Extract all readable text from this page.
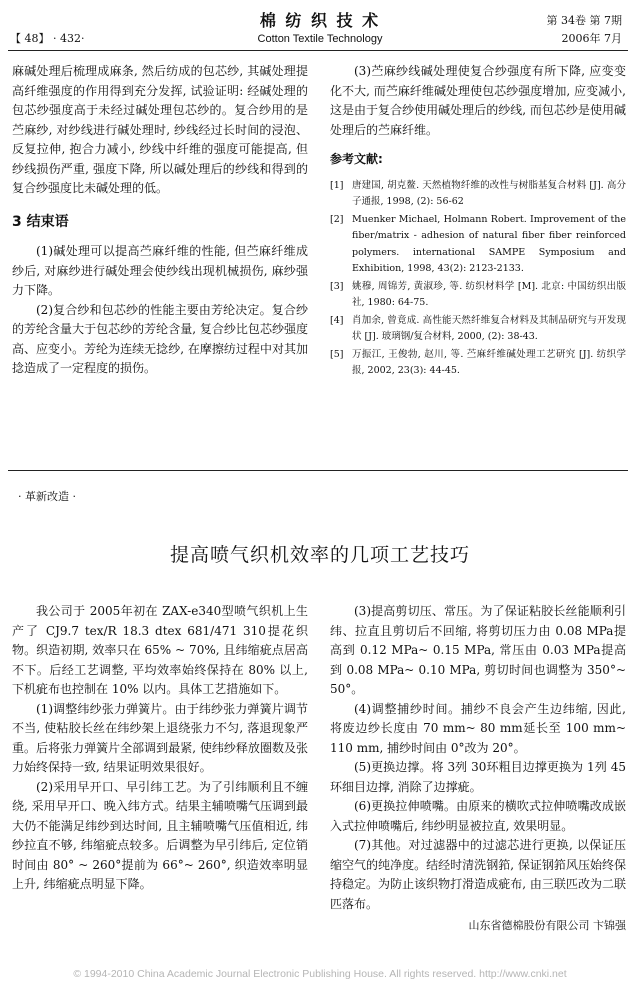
【 48】 · 432·
棉 纺 织 技 术
Cotton Textile Technology
第 34卷 第 7期
2006年 7月

麻碱处理后梳理成麻条, 然后纺成的包芯纱, 其碱处理提高纤维强度的作用得到充分发挥, 试验证明: 经碱处理的包芯纱强度高于未经过碱处理包芯纱的。复合纱用的是苎麻纱, 对纱线进行碱处理时, 纱线经过长时间的浸泡、反复拉伸, 抱合力减小, 纱线中纤维的强度可能提高, 但纱线损伤严重, 强度下降, 所以碱处理后的纱线和得到的复合纱强度比未碱处理的低。

3 结束语

(1)碱处理可以提高苎麻纤维的性能, 但苎麻纤维成纱后, 对麻纱进行碱处理会使纱线出现机械损伤, 麻纱强力下降。

(2)复合纱和包芯纱的性能主要由芳纶决定。复合纱的芳纶含量大于包芯纱的芳纶含量, 复合纱比包芯纱强度高、应变小。芳纶为连续无捻纱, 在摩擦纺过程中对其加捻造成了一定程度的损伤。

(3)苎麻纱线碱处理使复合纱强度有所下降, 应变变化不大, 而苎麻纤维碱处理使包芯纱强度增加, 应变减小, 这是由于复合纱使用碱处理后的纱线, 而包芯纱是使用碱处理后的苎麻纤维。

参考文献:
[1] 唐建国, 胡克鳌. 天然植物纤维的改性与树脂基复合材料 [J]. 高分子通报, 1998, (2): 56-62
[2] Muenker Michael, Holmann Robert. Improvement of the fiber/matrix - adhesion of natural fiber fiber reinforced polymers. international SAMPE Symposium and Exhibition, 1998, 43(2): 2123-2133.
[3] 姚穆, 周锦芳, 黄淑珍, 等. 纺织材料学 [M]. 北京: 中国纺织出版社, 1980: 64-75.
[4] 肖加余, 曾竟成. 高性能天然纤维复合材料及其制品研究与开发现状 [J]. 玻璃钢/复合材料, 2000, (2): 38-43.
[5] 万振江, 王俊勃, 赵川, 等. 苎麻纤维碱处理工艺研究 [J]. 纺织学报, 2002, 23(3): 44-45.
· 革新改造 ·
提高喷气织机效率的几项工艺技巧

我公司于 2005年初在 ZAX-e340型喷气织机上生产了 CJ9.7 tex/R 18.3 dtex 681/471 310提花织物。织造初期, 效率只在 65% ~ 70%, 且纬缩疵点居高不下。后经工艺调整, 平均效率始终保持在 80% 以上, 下机疵布也控制在 10% 以内。具体工艺措施如下。

(1)调整纬纱张力弹簧片。由于纬纱张力弹簧片调节不当, 使粘胶长丝在纬纱架上退绕张力不匀, 落退现象严重。后将张力弹簧片全部调到最紧, 使纬纱释放圈数及张力始终保持一致, 结果证明效果很好。

(2)采用早开口、早引纬工艺。为了引纬顺利且不缠绕, 采用早开口、晚入纬方式。结果主辅喷嘴气压调到最大仍不能满足纬纱到达时间, 且主辅喷嘴气压值相近, 纬纱拉直不够, 纬缩疵点较多。后调整为早引纬后, 定位销时间由 80° ~ 260°提前为 66°~ 260°, 织造效率明显上升, 纬缩疵点明显下降。

(3)提高剪切压、常压。为了保证粘胶长丝能顺利引纬、拉直且剪切后不回缩, 将剪切压力由 0.08 MPa提高到 0.12 MPa~ 0.15 MPa, 常压由 0.03 MPa提高到 0.08 MPa~ 0.10 MPa, 剪切时间也调整为 350°~ 50°。

(4)调整捕纱时间。捕纱不良会产生边纬缩, 因此, 将废边纱长度由 70 mm~ 80 mm延长至 100 mm~ 110 mm, 捕纱时间由 0°改为 20°。

(5)更换边撑。将 3列 30环粗目边撑更换为 1列 45环细目边撑, 消除了边撑疵。

(6)更换拉伸喷嘴。由原来的横吹式拉伸喷嘴改成嵌入式拉伸喷嘴后, 纬纱明显被拉直, 效果明显。

(7)其他。对过滤器中的过滤芯进行更换, 以保证压缩空气的纯净度。结经时清洗钢筘, 保证钢筘风压始终保持稳定。为防止该织物打滑造成疵布, 由三联匹改为二联匹落布。

山东省德棉股份有限公司 卞锦强
© 1994-2010 China Academic Journal Electronic Publishing House. All rights reserved. http://www.cnki.net
